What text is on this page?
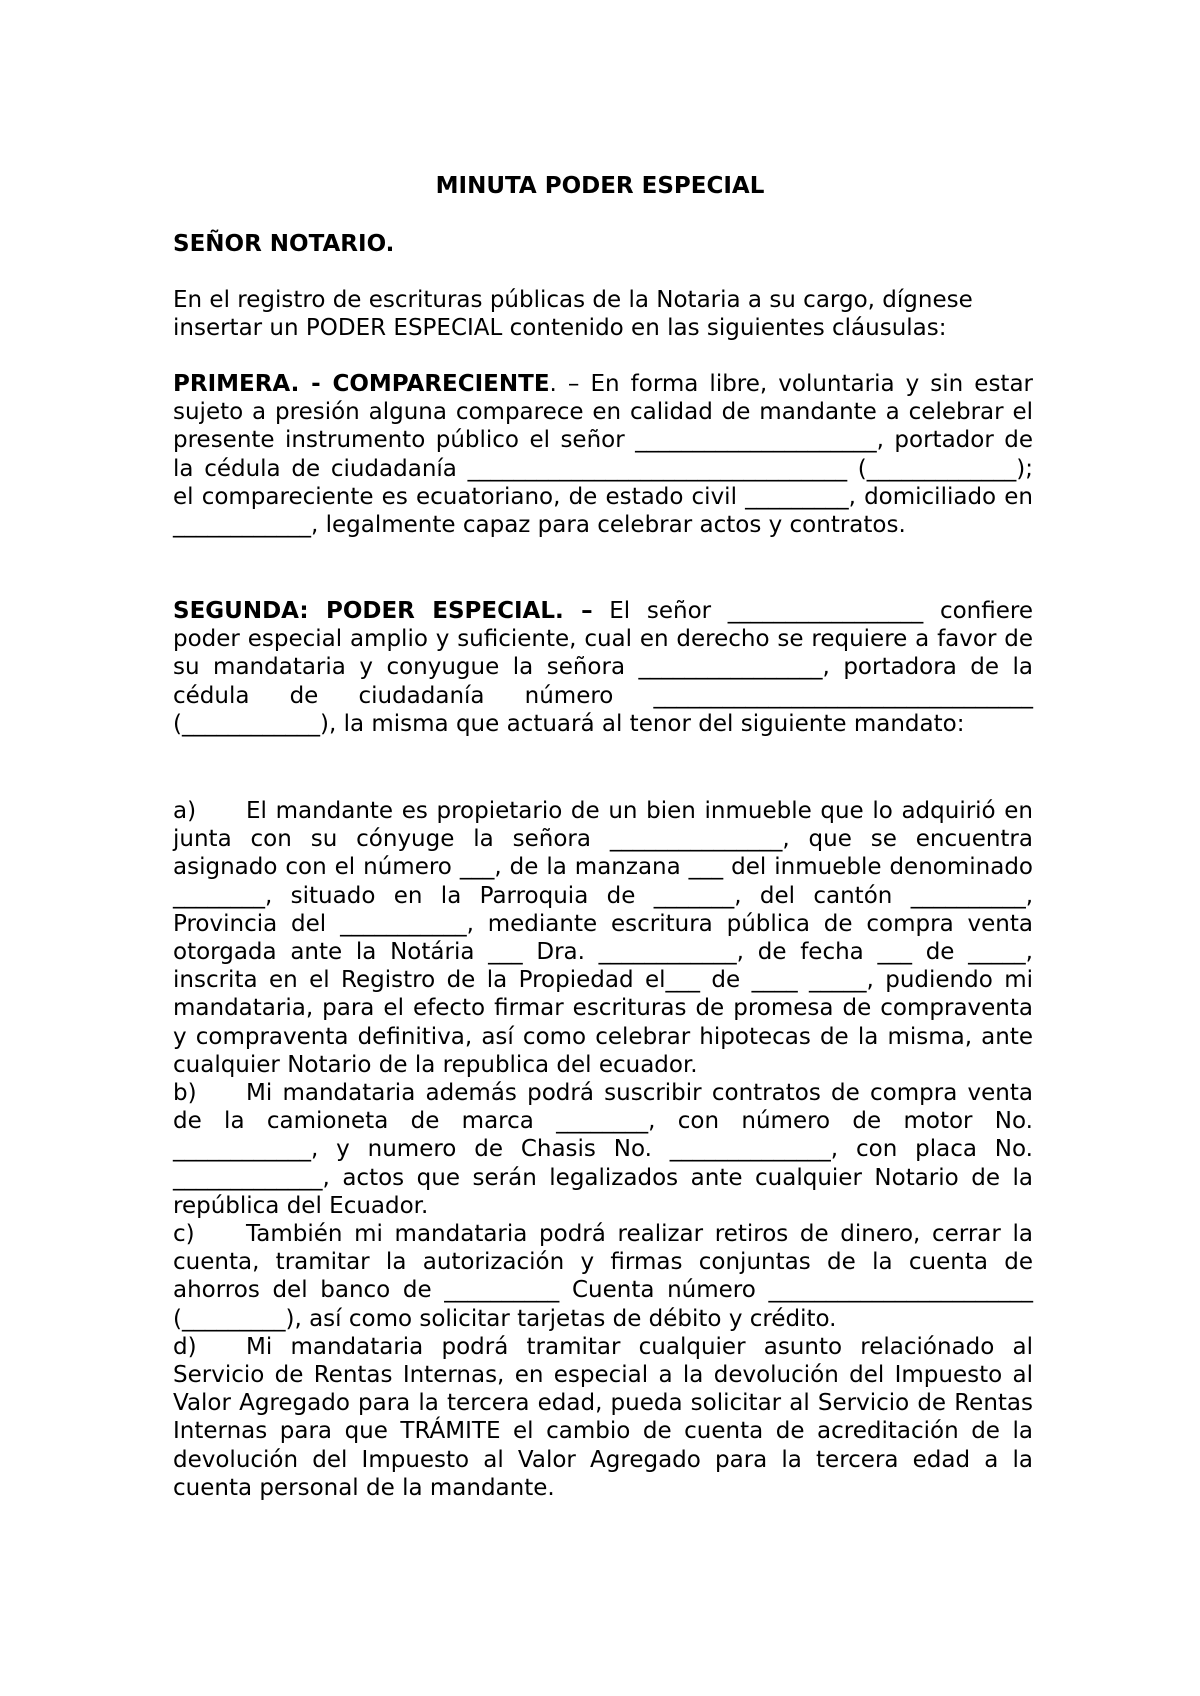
MINUTA PODER ESPECIAL
SEÑOR NOTARIO.

En el registro de escrituras públicas de la Notaria a su cargo, dígnese insertar un PODER ESPECIAL contenido en las siguientes cláusulas:

PRIMERA. - COMPARECIENTE. – En forma libre, voluntaria y sin estar sujeto a presión alguna comparece en calidad de mandante a celebrar el presente instrumento público el señor _____________________, portador de la cédula de ciudadanía _________________________________ (_____________); el compareciente es ecuatoriano, de estado civil _________, domiciliado en ____________, legalmente capaz para celebrar actos y contratos.

SEGUNDA: PODER ESPECIAL. – El señor _________________ confiere poder especial amplio y suficiente, cual en derecho se requiere a favor de su mandataria y conyugue la señora ________________, portadora de la cédula de ciudadanía número _________________________________ (____________), la misma que actuará al tenor del siguiente mandato:

a) El mandante es propietario de un bien inmueble que lo adquirió en junta con su cónyuge la señora _______________, que se encuentra asignado con el número ___, de la manzana ___ del inmueble denominado ________, situado en la Parroquia de _______, del cantón __________, Provincia del ___________, mediante escritura pública de compra venta otorgada ante la Notária ___ Dra. ____________, de fecha ___ de _____, inscrita en el Registro de la Propiedad el___ de ____ _____, pudiendo mi mandataria, para el efecto firmar escrituras de promesa de compraventa y compraventa definitiva, así como celebrar hipotecas de la misma, ante cualquier Notario de la republica del ecuador.

b) Mi mandataria además podrá suscribir contratos de compra venta de la camioneta de marca ________, con número de motor No. ____________, y numero de Chasis No. ______________, con placa No. _____________, actos que serán legalizados ante cualquier Notario de la república del Ecuador.

c) También mi mandataria podrá realizar retiros de dinero, cerrar la cuenta, tramitar la autorización y firmas conjuntas de la cuenta de ahorros del banco de __________ Cuenta número _______________________ (_________), así como solicitar tarjetas de débito y crédito.

d) Mi mandataria podrá tramitar cualquier asunto relaciónado al Servicio de Rentas Internas, en especial a la devolución del Impuesto al Valor Agregado para la tercera edad, pueda solicitar al Servicio de Rentas Internas para que TRÁMITE el cambio de cuenta de acreditación de la devolución del Impuesto al Valor Agregado para la tercera edad a la cuenta personal de la mandante.
